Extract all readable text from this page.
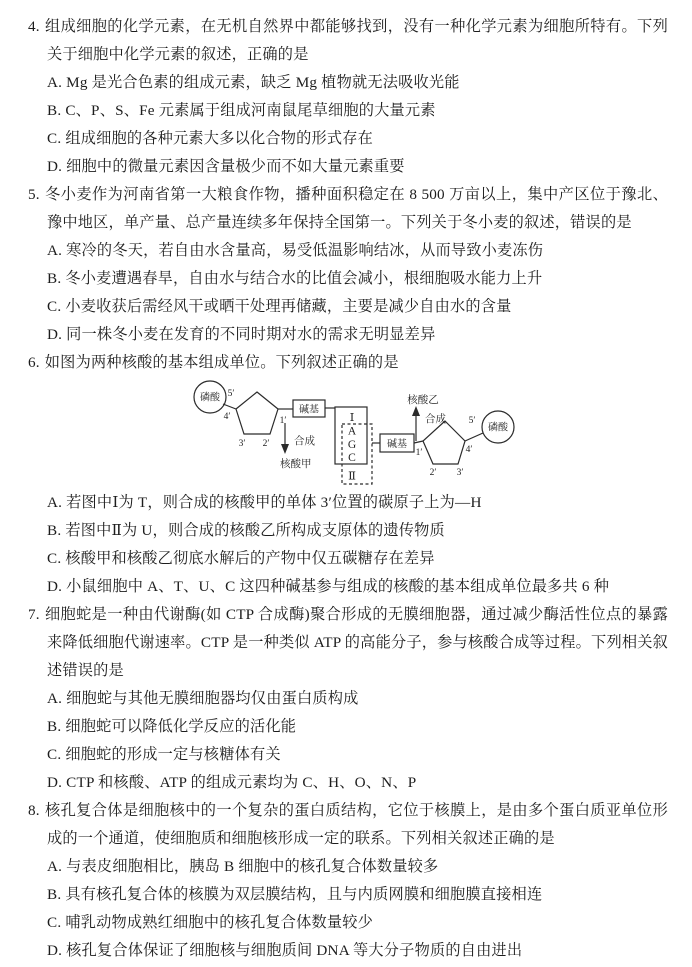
4. 组成细胞的化学元素，在无机自然界中都能够找到，没有一种化学元素为细胞所特有。下列关于细胞中化学元素的叙述，正确的是

A. Mg 是光合色素的组成元素，缺乏 Mg 植物就无法吸收光能

B. C、P、S、Fe 元素属于组成河南鼠尾草细胞的大量元素

C. 组成细胞的各种元素大多以化合物的形式存在

D. 细胞中的微量元素因含量极少而不如大量元素重要

5. 冬小麦作为河南省第一大粮食作物，播种面积稳定在 8 500 万亩以上，集中产区位于豫北、豫中地区，单产量、总产量连续多年保持全国第一。下列关于冬小麦的叙述，错误的是

A. 寒冷的冬天，若自由水含量高，易受低温影响结冰，从而导致小麦冻伤

B. 冬小麦遭遇春旱，自由水与结合水的比值会减小，根细胞吸水能力上升

C. 小麦收获后需经风干或晒干处理再储藏，主要是减少自由水的含量

D. 同一株冬小麦在发育的不同时期对水的需求无明显差异

6. 如图为两种核酸的基本组成单位。下列叙述正确的是

磷酸 5′
4′	1′
3′ 2′
碱基
合成
核酸甲
Ⅰ
A
G
C
Ⅱ
碱基
1′
2′ 3′
4′
5′
磷酸
核酸乙
合成

A. 若图中Ⅰ为 T，则合成的核酸甲的单体 3′位置的碳原子上为—H

B. 若图中Ⅱ为 U，则合成的核酸乙所构成支原体的遗传物质

C. 核酸甲和核酸乙彻底水解后的产物中仅五碳糖存在差异

D. 小鼠细胞中 A、T、U、C 这四种碱基参与组成的核酸的基本组成单位最多共 6 种

7. 细胞蛇是一种由代谢酶(如 CTP 合成酶)聚合形成的无膜细胞器，通过减少酶活性位点的暴露来降低细胞代谢速率。CTP 是一种类似 ATP 的高能分子，参与核酸合成等过程。下列相关叙述错误的是

A. 细胞蛇与其他无膜细胞器均仅由蛋白质构成

B. 细胞蛇可以降低化学反应的活化能

C. 细胞蛇的形成一定与核糖体有关

D. CTP 和核酸、ATP 的组成元素均为 C、H、O、N、P

8. 核孔复合体是细胞核中的一个复杂的蛋白质结构，它位于核膜上，是由多个蛋白质亚单位形成的一个通道，使细胞质和细胞核形成一定的联系。下列相关叙述正确的是

A. 与表皮细胞相比，胰岛 B 细胞中的核孔复合体数量较多

B. 具有核孔复合体的核膜为双层膜结构，且与内质网膜和细胞膜直接相连

C. 哺乳动物成熟红细胞中的核孔复合体数量较少

D. 核孔复合体保证了细胞核与细胞质间 DNA 等大分子物质的自由进出
